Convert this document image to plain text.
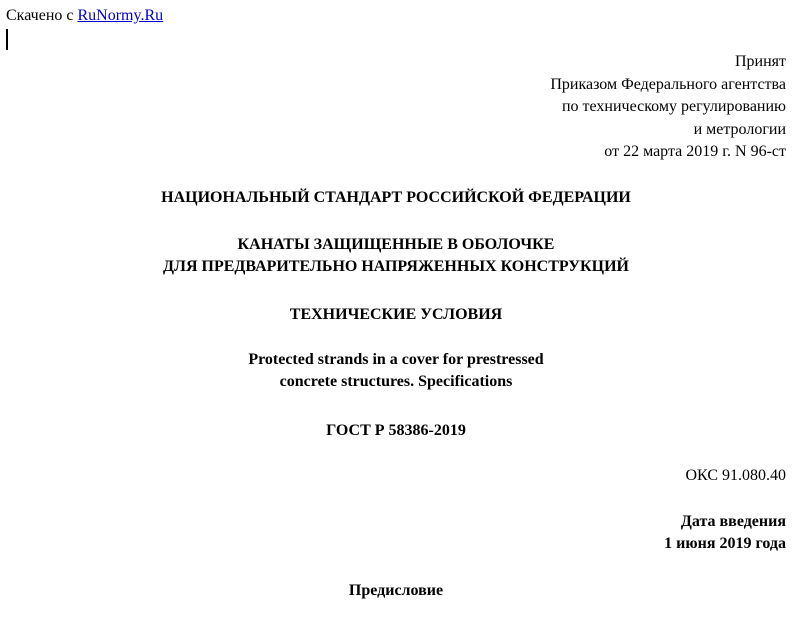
Скачено с RuNormy.Ru
Принят
Приказом Федерального агентства
по техническому регулированию
и метрологии
от 22 марта 2019 г. N 96-ст
НАЦИОНАЛЬНЫЙ СТАНДАРТ РОССИЙСКОЙ ФЕДЕРАЦИИ
КАНАТЫ ЗАЩИЩЕННЫЕ В ОБОЛОЧКЕ
ДЛЯ ПРЕДВАРИТЕЛЬНО НАПРЯЖЕННЫХ КОНСТРУКЦИЙ
ТЕХНИЧЕСКИЕ УСЛОВИЯ
Protected strands in a cover for prestressed
concrete structures. Specifications
ГОСТ Р 58386-2019
ОКС 91.080.40
Дата введения
1 июня 2019 года
Предисловие
